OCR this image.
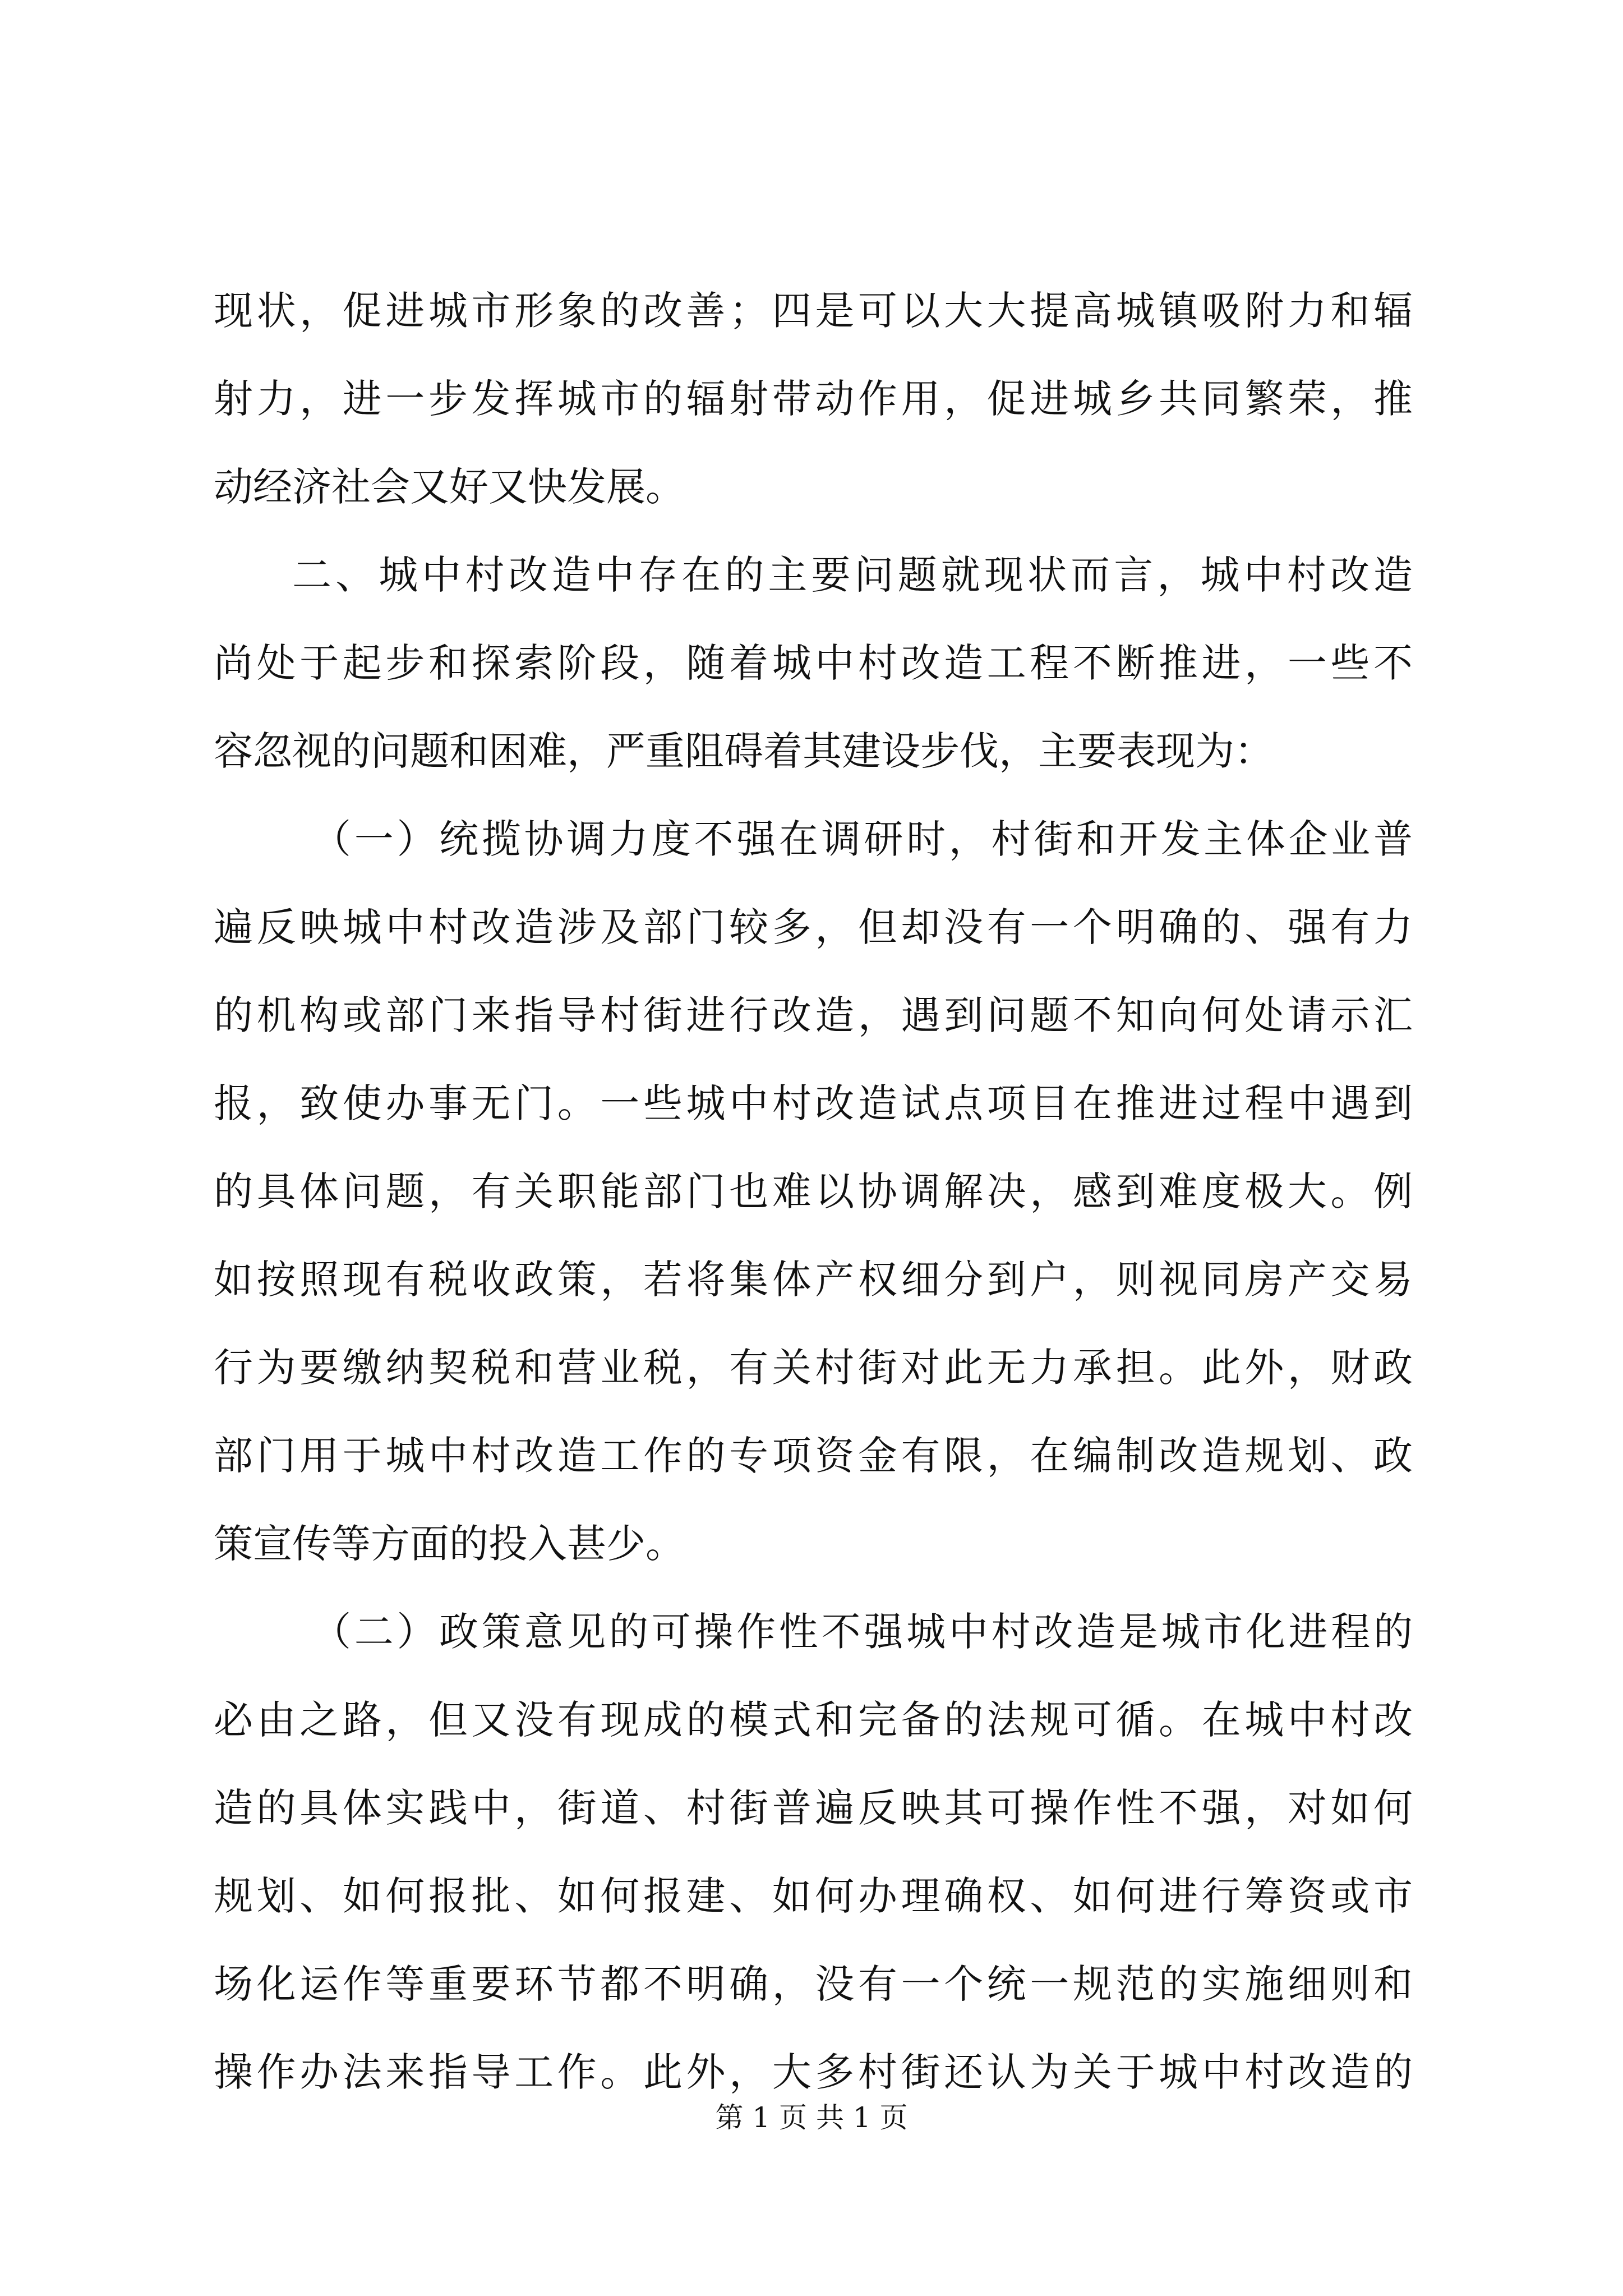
现状，促进城市形象的改善；四是可以大大提高城镇吸附力和辐
射力，进一步发挥城市的辐射带动作用，促进城乡共同繁荣，推
动经济社会又好又快发展。
二、城中村改造中存在的主要问题就现状而言，城中村改造
尚处于起步和探索阶段，随着城中村改造工程不断推进，一些不
容忽视的问题和困难，严重阻碍着其建设步伐，主要表现为：
（一）统揽协调力度不强在调研时，村街和开发主体企业普
遍反映城中村改造涉及部门较多，但却没有一个明确的、强有力
的机构或部门来指导村街进行改造，遇到问题不知向何处请示汇
报，致使办事无门。一些城中村改造试点项目在推进过程中遇到
的具体问题，有关职能部门也难以协调解决，感到难度极大。例
如按照现有税收政策，若将集体产权细分到户，则视同房产交易
行为要缴纳契税和营业税，有关村街对此无力承担。此外，财政
部门用于城中村改造工作的专项资金有限，在编制改造规划、政
策宣传等方面的投入甚少。
（二）政策意见的可操作性不强城中村改造是城市化进程的
必由之路，但又没有现成的模式和完备的法规可循。在城中村改
造的具体实践中，街道、村街普遍反映其可操作性不强，对如何
规划、如何报批、如何报建、如何办理确权、如何进行筹资或市
场化运作等重要环节都不明确，没有一个统一规范的实施细则和
操作办法来指导工作。此外，大多村街还认为关于城中村改造的
第 1 页 共 1 页
